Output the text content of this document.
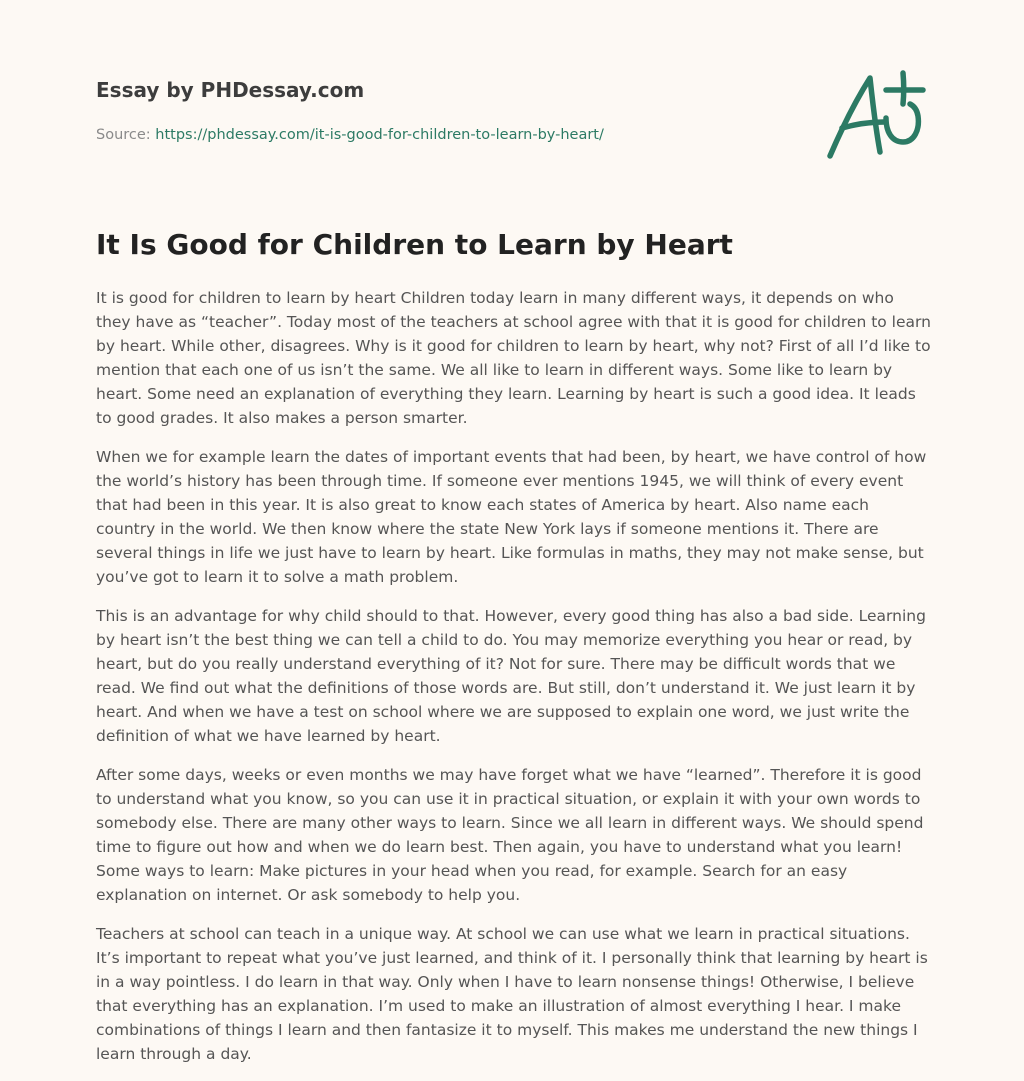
Essay by PHDessay.com
Source: https://phdessay.com/it-is-good-for-children-to-learn-by-heart/
It Is Good for Children to Learn by Heart

It is good for children to learn by heart Children today learn in many different ways, it depends on who they have as “teacher”. Today most of the teachers at school agree with that it is good for children to learn by heart. While other, disagrees. Why is it good for children to learn by heart, why not? First of all I’d like to mention that each one of us isn’t the same. We all like to learn in different ways. Some like to learn by heart. Some need an explanation of everything they learn. Learning by heart is such a good idea. It leads to good grades. It also makes a person smarter.

When we for example learn the dates of important events that had been, by heart, we have control of how the world’s history has been through time. If someone ever mentions 1945, we will think of every event that had been in this year. It is also great to know each states of America by heart. Also name each country in the world. We then know where the state New York lays if someone mentions it. There are several things in life we just have to learn by heart. Like formulas in maths, they may not make sense, but you’ve got to learn it to solve a math problem.

This is an advantage for why child should to that. However, every good thing has also a bad side. Learning by heart isn’t the best thing we can tell a child to do. You may memorize everything you hear or read, by heart, but do you really understand everything of it? Not for sure. There may be difficult words that we read. We find out what the definitions of those words are. But still, don’t understand it. We just learn it by heart. And when we have a test on school where we are supposed to explain one word, we just write the definition of what we have learned by heart.

After some days, weeks or even months we may have forget what we have “learned”. Therefore it is good to understand what you know, so you can use it in practical situation, or explain it with your own words to somebody else. There are many other ways to learn. Since we all learn in different ways. We should spend time to figure out how and when we do learn best. Then again, you have to understand what you learn! Some ways to learn: Make pictures in your head when you read, for example. Search for an easy explanation on internet. Or ask somebody to help you.

Teachers at school can teach in a unique way. At school we can use what we learn in practical situations. It’s important to repeat what you’ve just learned, and think of it. I personally think that learning by heart is in a way pointless. I do learn in that way. Only when I have to learn nonsense things! Otherwise, I believe that everything has an explanation. I’m used to make an illustration of almost everything I hear. I make combinations of things I learn and then fantasize it to myself. This makes me understand the new things I learn through a day.
